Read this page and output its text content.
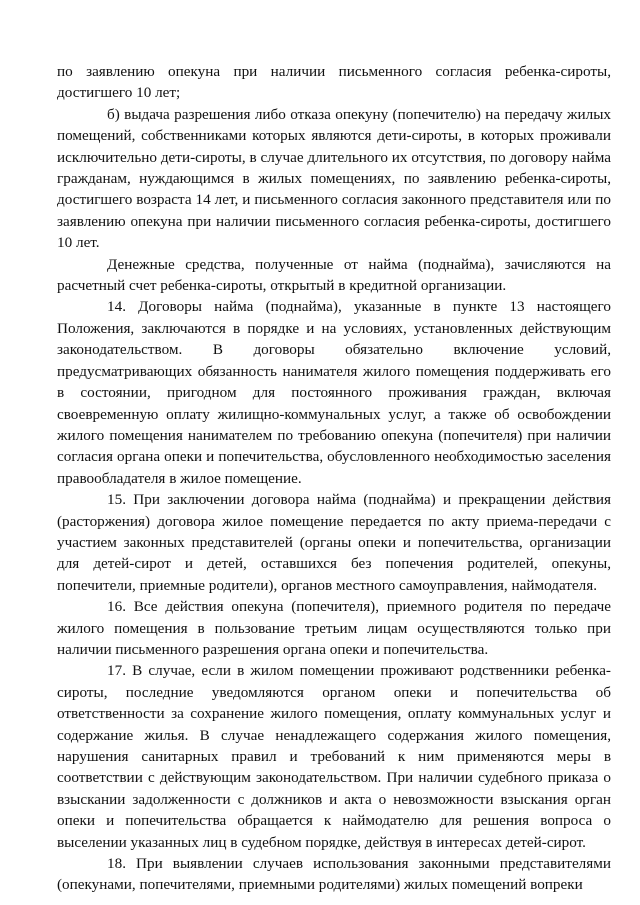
по заявлению опекуна при наличии письменного согласия ребенка-сироты, достигшего 10 лет;

б) выдача разрешения либо отказа опекуну (попечителю) на передачу жилых помещений, собственниками которых являются дети-сироты, в которых проживали исключительно дети-сироты, в случае длительного их отсутствия, по договору найма гражданам, нуждающимся в жилых помещениях, по заявлению ребенка-сироты, достигшего возраста 14 лет, и письменного согласия законного представителя или по заявлению опекуна при наличии письменного согласия ребенка-сироты, достигшего 10 лет.

Денежные средства, полученные от найма (поднайма), зачисляются на расчетный счет ребенка-сироты, открытый в кредитной организации.

14. Договоры найма (поднайма), указанные в пункте 13 настоящего Положения, заключаются в порядке и на условиях, установленных действующим законодательством. В договоры обязательно включение условий, предусматривающих обязанность нанимателя жилого помещения поддерживать его в состоянии, пригодном для постоянного проживания граждан, включая своевременную оплату жилищно-коммунальных услуг, а также об освобождении жилого помещения нанимателем по требованию опекуна (попечителя) при наличии согласия органа опеки и попечительства, обусловленного необходимостью заселения правообладателя в жилое помещение.

15. При заключении договора найма (поднайма) и прекращении действия (расторжения) договора жилое помещение передается по акту приема-передачи с участием законных представителей (органы опеки и попечительства, организации для детей-сирот и детей, оставшихся без попечения родителей, опекуны, попечители, приемные родители), органов местного самоуправления, наймодателя.

16. Все действия опекуна (попечителя), приемного родителя по передаче жилого помещения в пользование третьим лицам осуществляются только при наличии письменного разрешения органа опеки и попечительства.

17. В случае, если в жилом помещении проживают родственники ребенка-сироты, последние уведомляются органом опеки и попечительства об ответственности за сохранение жилого помещения, оплату коммунальных услуг и содержание жилья. В случае ненадлежащего содержания жилого помещения, нарушения санитарных правил и требований к ним применяются меры в соответствии с действующим законодательством. При наличии судебного приказа о взыскании задолженности с должников и акта о невозможности взыскания орган опеки и попечительства обращается к наймодателю для решения вопроса о выселении указанных лиц в судебном порядке, действуя в интересах детей-сирот.

18. При выявлении случаев использования законными представителями (опекунами, попечителями, приемными родителями) жилых помещений вопреки
